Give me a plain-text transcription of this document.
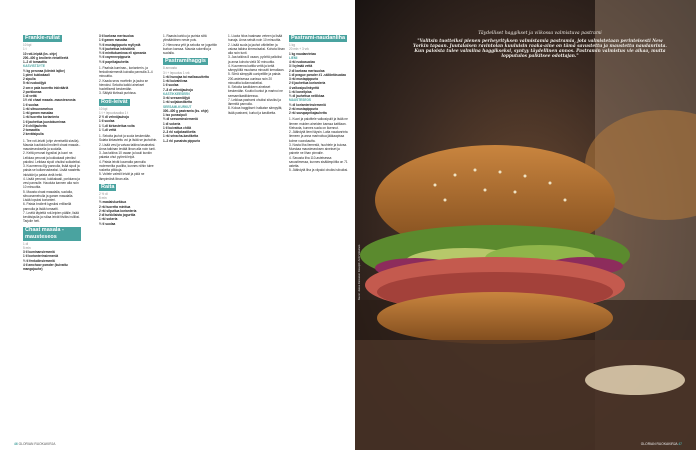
Frankie-rullat

10 kpl

1 t

10 roti-leipää (ks. ohje)

200–400 g broilerin rintafileetä

1–2 dl tomaattia

KASVISTÄYTE

½ kg perunaa (kiinteä lajike)

1 pieni kukkakaali

2 sipulia

5 rkl ruokaöljyä

2 cm:n pala tuoretta inkivääriä

2 porkkanaa

1 dl vettä

1½ rkl chaat masala -mausteseosta

1 tl suolaa

1 rkl sitruunamehua

1 rkl garam masalaa

1 rkl tuoretta korianteria

1 tl jauhettua juustokuminaa

2 tl chilijauhetta

2 tomaattia

2 kevätsipulia

1. Tee roti-leivät (ohje viereisellä sivulla). Mausta kuutioidut broilerit chaat masala -mausteseoksella ja suolalla.

2. Keitä perunat kypsiksi ja kuori ne. Leikkaa perunat ja kukkakaali pieniksi paloiksi. Leikkaa sipuli ohuiksi suikaleiksi.

3. Kuumenna öljy pannulla, lisää sipuli ja paista se kullanruskeaksi. Lisää raastettu inkivääri ja paista vielä hetki.

4. Lisää perunat, kukkakaali, porkkana ja vesi pannulle. Hauduta kannen alla noin 10 minuuttia.

5. Mausta chaat masalalla, suolalla, sitruunamehulla ja garam masalalla. Lisää lopuksi korianteri.

6. Paista broilerit kypsiksi erillisellä pannulla ja lisää tomaatti.

7. Levitä täytettä roti-leipien päälle, lisää kevätsipulia ja rullaa leivät tiiviiksi rulliksi. Tarjoile heti.

Chaat masala -mausteseos

1 dl

5 min

3 tl kuminansiemeniä

1 tl korianterinsiemeniä

½ tl fenkolinsiemeniä

4 tl amchoor powder (kuivattu mangojauhe)

3 tl karkeaa merisuolaa

1 tl garam masalaa

½ tl mustapippuria myllystä

½ tl jauhettua inkivääriä

½ tl minttukuminaa eli ajowania

½ tl cayennepippuria

½ tl paprikajauhetta

1. Paahda kuminan-, korianterin- ja fenkolinsiemeniä kuivalla pannulla 3–4 minuuttia.

2. Kaada seos morttelin ja jauha se hienoksi. Sekoita kaikki ainekset huolellisesti keskenään.

3. Säilytä tiiviissä purkissa.

Roti-leivät

10 kpl

1 t + lepuutusaika 1 t

2 ½ dl vehnäjauhoja

1 tl suolaa

1 ¼ dl kirkastettua voita

1 ¼ dl vettä

1. Sekoita jauhot ja suola keskenään. Sulata kirkastettu voi ja lisää se jauhoihin.

2. Lisää vesi ja vaivaa taikina tasaiseksi. Anna taikinan levätä liinan alla noin tunti.

3. Jaa taikina 10 osaan ja kauli kunkin palasta ohut pyöreä leipä.

4. Paista leivät kuumalla pannulla molemmilta puolilta, kunnes niihin tulee ruskeita pilkkuja.

5. Voitele valmiit leivät ja pidä ne lämpimänä liinan alla.

Raita

2 ½ dl

5 min

½ maalaiskurkkua

2 rkl tuoretta minttua

2 rkl silputtua korianteria

2 dl turkkilaista jogurttia

1 rkl sokeria

½ tl suolaa

1. Raasta kurkku ja purista siitä ylimääräinen neste pois.

2. Hienonna yrtit ja sekoita ne jogurttiin kurkun kanssa. Mausta sokerilla ja suolalla.

Pastramihaggis

8 annosta

3 t + lepuutus 1 vrk

1 rkl hunajaa tai mallasuuttetta

1 rkl kuivahiivaa

1 tl suolaa

7–8 dl vehnäjauhoja

KASTIKKEESEEN

3 rkl seesamiöljyä

1 rkl soijakastiketta

SEESAMI-KURKUT

300–400 g pastramia (ks. ohje)

1 iso punasipuli

½ dl seesaminsiemeniä

1 dl sokeria

1 tl kuivattua chiliä

2–3 rkl soijakastiketta

1 rkl sriracha-kastiketta

1–2 rkl punaista pippuria

1. Liuota hiiva haaleaan veteen ja lisää hunaja. Anna seistä noin 10 minuuttia.

2. Lisää suola ja jauhot vähitellen ja vaivaa taikina kimmoisaksi. Kohota liinan alla noin tunti.

3. Jaa taikina 8 osaan, pyöritä palloiksi ja anna kohota vielä 30 minuuttia.

4. Kuumenna kattila vettä ja keitä sämpylöitä muutama minuutti kerrallaan.

5. Siirrä sämpylät uunipellille ja paista 200-asteisessa uunissa noin 20 minuuttia kullanruskeiksi.

6. Sekoita kastikkeen ainekset keskenään. Kuutioi kurkut ja marinoi ne seesamikastikkeessa.

7. Leikkaa pastrami ohuiksi siivuiksi ja lämmitä pannulla.

8. Kokoa haggikset: halkaise sämpylät, lisää pastrami, kurkut ja kastiketta.

Pastrami-naudanliha

1 kg

20 min + 3 vrk

1 kg naudanrintaa

LIEMI

4 rkl ruokasuolaa

3 l kylmää vettä

2 dl karkeaa merisuolaa

1 dl prague powder #1 -säilöntäsuolaa

3 rkl mustapippuria

2 tl jauhettua korianteria

4 valkosipulinkynttä

1 rkl kaneliplaa

½ dl jauhettua neilikkaa

MAUSTESEOS

½ dl korianterinsiemeniä

2 rkl mustapippuria

2 rkl savupaprikajauhetta

1. Kuori ja paloittele valkosipulit ja lisää ne liemen muiden aineiden kanssa kattilaan. Kiehauta, kunnes suola on liuennut.

2. Jäähdytä liemi täysin. Laita naudanrinta liemeen ja anna marinoitua jääkaapissa kolme vuorokautta.

3. Nosta liha liemestä, huuhtele ja kuivaa. Murskaa mausteseoksen ainekset ja painele ne lihan pinnalle.

4. Savusta liha 110-asteisessa savustimessa, kunnes sisälämpötila on 71 astetta.

5. Jäähdytä liha ja viipaloi ohuiksi siivuiksi.

46 GLORIAN RUOKAKIRJA
Täydelliset haggikset ja viikossa valmistuva pastrami
"Valitsin tuotteiksi pienen perheyrityksen valmistamia pastramia, jota valmistetaan perinteisesti New Yorkin tapaan. Juutalaisen ravintolan kuuluisin raaka-aine on tämä savustettu ja maustettu naudanrinta. Kun paloista tulee valmiina haggikseksi, syntyy täydellinen annos. Pastramin valmistus vie aikaa, mutta lopputulos palkitsee odottajan."
Kuvat: Jaana Rantanen Reseptit: Antti Väisänen
GLORIAN RUOKAKIRJA 47
